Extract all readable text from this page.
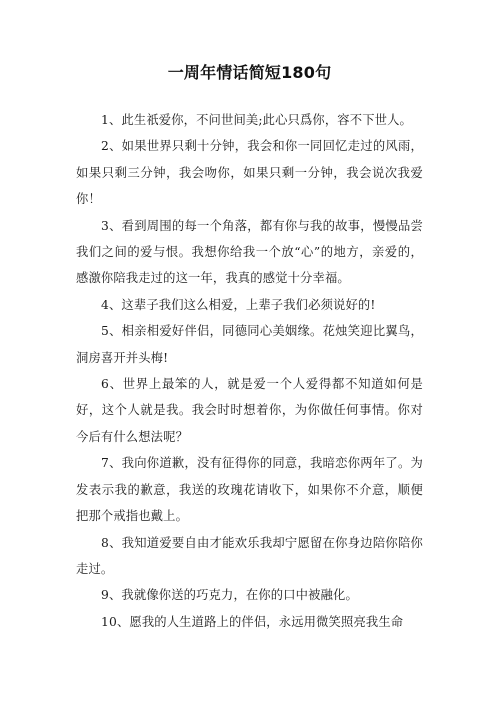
一周年情话简短180句

1、此生祇爱你，不问世间美;此心只爲你，容不下世人。

2、如果世界只剩十分钟，我会和你一同回忆走过的风雨，如果只剩三分钟，我会吻你，如果只剩一分钟，我会说次我爱你！

3、看到周围的每一个角落，都有你与我的故事，慢慢品尝我们之间的爱与恨。我想你给我一个放“心”的地方，亲爱的，感激你陪我走过的这一年，我真的感觉十分幸福。

4、这辈子我们这么相爱，上辈子我们必须说好的!

5、相亲相爱好伴侣，同德同心美姻缘。花烛笑迎比翼鸟，洞房喜开并头梅!

6、世界上最笨的人，就是爱一个人爱得都不知道如何是好，这个人就是我。我会时时想着你，为你做任何事情。你对今后有什么想法呢？

7、我向你道歉，没有征得你的同意，我暗恋你两年了。为发表示我的歉意，我送的玫瑰花请收下，如果你不介意，顺便把那个戒指也戴上。

8、我知道爱要自由才能欢乐我却宁愿留在你身边陪你陪你走过。

9、我就像你送的巧克力，在你的口中被融化。

10、愿我的人生道路上的伴侣，永远用微笑照亮我生命
